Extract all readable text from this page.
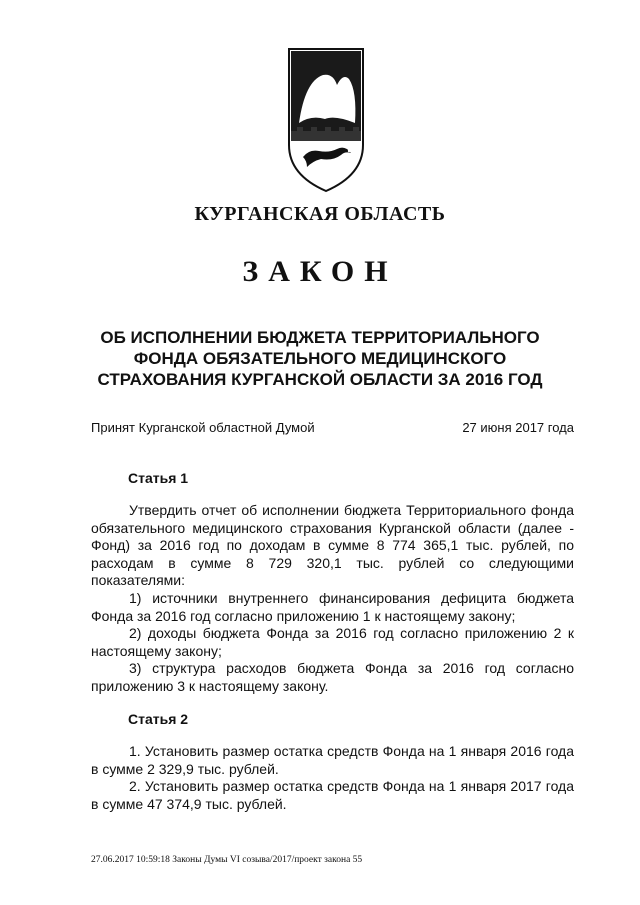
КУРГАНСКАЯ ОБЛАСТЬ
ЗАКОН
ОБ ИСПОЛНЕНИИ БЮДЖЕТА ТЕРРИТОРИАЛЬНОГО
ФОНДА ОБЯЗАТЕЛЬНОГО МЕДИЦИНСКОГО
СТРАХОВАНИЯ КУРГАНСКОЙ ОБЛАСТИ ЗА 2016 ГОД
Принят Курганской областной Думой	27 июня 2017 года
Статья 1
Утвердить отчет об исполнении бюджета Территориального фонда обязательного медицинского страхования Курганской области (далее - Фонд) за 2016 год по доходам в сумме 8 774 365,1 тыс. рублей, по расходам в сумме 8 729 320,1 тыс. рублей со следующими показателями:
1) источники внутреннего финансирования дефицита бюджета Фонда за 2016 год согласно приложению 1 к настоящему закону;
2) доходы бюджета Фонда за 2016 год согласно приложению 2 к настоящему закону;
3) структура расходов бюджета Фонда за 2016 год согласно приложению 3 к настоящему закону.
Статья 2
1. Установить размер остатка средств Фонда на 1 января 2016 года в сумме 2 329,9 тыс. рублей.
2. Установить размер остатка средств Фонда на 1 января 2017 года в сумме 47 374,9 тыс. рублей.
27.06.2017 10:59:18 Законы Думы VI созыва/2017/проект закона 55
